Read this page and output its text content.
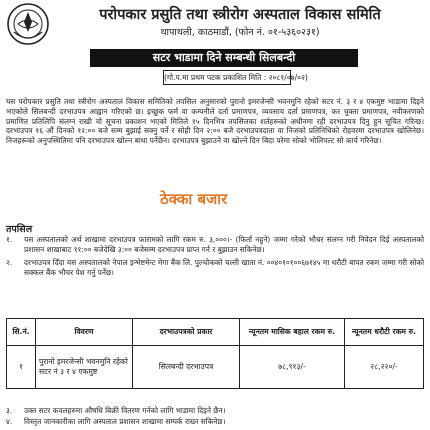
परोपकार प्रसुति तथा स्त्रीरोग अस्पताल विकास समिति
थापाथली, काठमाडौं, (फोन नं. ०१-५३६०२३१)
सटर भाडामा दिने सम्बन्धी सिलबन्दी
(गो.प.मा प्रथम पटक प्रकाशित मिति : २०८१/०७/०२)
यस परोपकार प्रसुति तथा स्त्रीरोग अस्पताल विकास समितिको तपसिल अनुसारको पुरानो इमरजेन्सी भवनमुनि रहेको सटर नं. ३ र ४ एकमुष्ट भाडामा दिइने भएकोले सिलबन्दी दरभाउपत्र आह्वान गरिएको छ। इच्छुक फर्म वा कम्पनीले दर्ता प्रमाणपत्र, व्यवसाय दर्ता प्रमाणपत्र, कर चुक्ता प्रमाणपत्र, नवीकरणको प्रमाणित प्रतिलिपि संलग्न राखी यो सूचना प्रकाशन भएको मितिले १५ दिनभित्र तपसिलका शर्तहरूको अधीनमा रही दरभाउपत्र दिनु हुन सूचित गरिन्छ। दरभाउपत्र १६ औं दिनको १२:०० बजे सम्म बुझाई सक्नु पर्ने र सोही दिन २:०० बजे दरभाउपत्रदाता वा निजको प्रतिनिधिको रोहवरमा दरभाउपत्र खोलिनेछ। निजहरूको अनुपस्थितिमा पनि दरभाउपत्र खोल्न बाधा पर्नेछैन। दरभाउपत्र बुझाउने वा खोल्ने दिन बिदा परेमा सोको भोलिपल्ट सो कार्य गरिनेछ।
ठेक्का बजार
तपसिल
१.	यस अस्पतालको अर्थ शाखामा दरभाउपत्र फारामको लागि रकम रु. ३,०००।- (फिर्ता नहुने) जम्मा गरेको भौचर संलग्न गरी निवेदन दिई अस्पतालको प्रशासन शाखाबाट ११:०० बजेदेखि ३:०० बजेसम्म दरभाउपत्र प्राप्त गर्न र बुझाउन सकिनेछ।
२.	दरभाउपत्र दिँदा यस अस्पतालको नेपाल इन्भेष्टमेन्ट मेगा बैंक लि. पुल्चोकको चल्ती खाता नं. ००४०१०१००६७१४५ मा धरौटी बापत रकम जम्मा गरी सोको सक्कल बैंक भौचर पेश गर्नु पर्नेछ।
सि.नं.	विवरण	दरभाउपत्रको प्रकार	न्यूनतम मासिक बहाल रकम रु.	न्यूनतम धरौटी रकम रु.
१	पुरानो इमरजेन्सी भवनमुनि रहेको सटर नं ३ र ४ एकमुष्ट	सिलबन्दी दरभाउपत्र	७८,९१३/-	२८,२२०/-
३.	उक्त सटर कवलहरुमा औषधि बिक्री वितरण गर्नको लागि भाडामा दिइने छैन।
४.	विस्तृत जानकारीका लागि अस्पताल प्रशासन शाखामा सम्पर्क राख्न सकिनेछ।
